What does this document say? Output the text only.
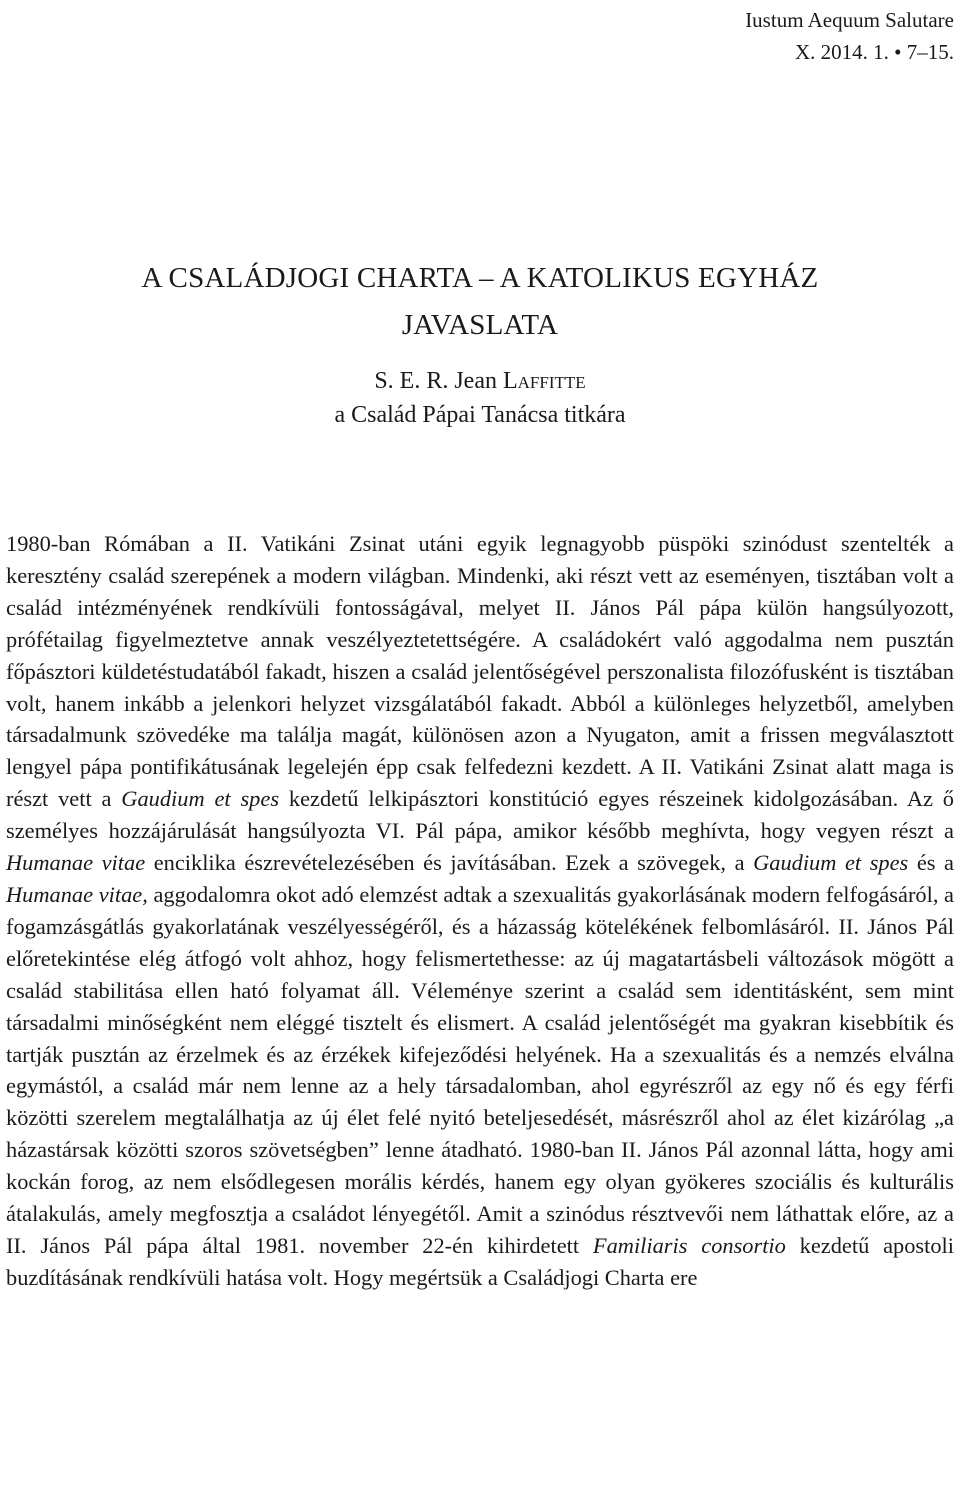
Iustum Aequum Salutare
X. 2014. 1. • 7–15.
A CSALÁDJOGI CHARTA – A KATOLIKUS EGYHÁZ
JAVASLATA
S. E. R. Jean Laffitte
a Család Pápai Tanácsa titkára

1980-ban Rómában a II. Vatikáni Zsinat utáni egyik legnagyobb püspöki szinódust szentelték a keresztény család szerepének a modern világban. Mindenki, aki részt vett az eseményen, tisztában volt a család intézményének rendkívüli fontosságával, melyet II. János Pál pápa külön hangsúlyozott, prófétailag figyelmeztetve annak veszélyeztetettségére. A családokért való aggodalma nem pusztán főpásztori küldetéstudatából fakadt, hiszen a család jelentőségével perszonalista filozófusként is tisztában volt, hanem inkább a jelenkori helyzet vizsgálatából fakadt. Abból a különleges helyzetből, amelyben társadalmunk szövedéke ma találja magát, különösen azon a Nyugaton, amit a frissen megválasztott lengyel pápa pontifikátusának legelején épp csak felfedezni kezdett. A II. Vatikáni Zsinat alatt maga is részt vett a Gaudium et spes kezdetű lelkipásztori konstitúció egyes részeinek kidolgozásában. Az ő személyes hozzájárulását hangsúlyozta VI. Pál pápa, amikor később meghívta, hogy vegyen részt a Humanae vitae enciklika észrevételezésében és javításában. Ezek a szövegek, a Gaudium et spes és a Humanae vitae, aggodalomra okot adó elemzést adtak a szexualitás gyakorlásának modern felfogásáról, a fogamzásgátlás gyakorlatának veszélyességéről, és a házasság kötelékének felbomlásáról. II. János Pál előretekintése elég átfogó volt ahhoz, hogy felismertethesse: az új magatartásbeli változások mögött a család stabilitása ellen ható folyamat áll. Véleménye szerint a család sem identitásként, sem mint társadalmi minőségként nem eléggé tisztelt és elismert. A család jelentőségét ma gyakran kisebbítik és tartják pusztán az érzelmek és az érzékek kifejeződési helyének. Ha a szexualitás és a nemzés elválna egymástól, a család már nem lenne az a hely társadalomban, ahol egyrészről az egy nő és egy férfi közötti szerelem megtalálhatja az új élet felé nyitó beteljesedését, másrészről ahol az élet kizárólag „a házastársak közötti szoros szövetségben” lenne átadható. 1980-ban II. János Pál azonnal látta, hogy ami kockán forog, az nem elsődlegesen morális kérdés, hanem egy olyan gyökeres szociális és kulturális átalakulás, amely megfosztja a családot lényegétől. Amit a szinódus résztvevői nem láthattak előre, az a II. János Pál pápa által 1981. november 22-én kihirdetett Familiaris consortio kezdetű apostoli buzdításának rendkívüli hatása volt. Hogy megértsük a Családjogi Charta ere
